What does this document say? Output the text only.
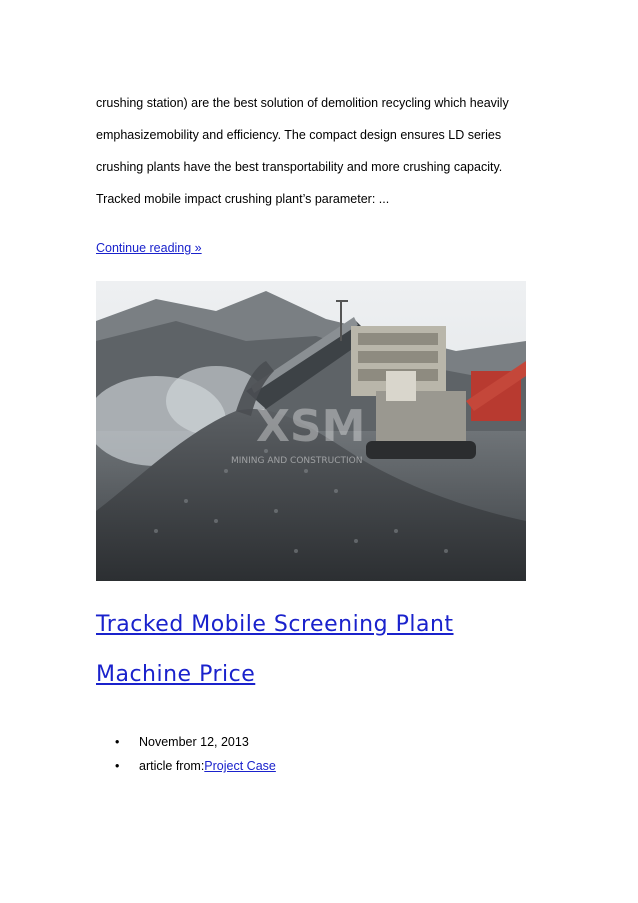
crushing station) are the best solution of demolition recycling which heavily
emphasizemobility and efficiency. The compact design ensures LD series
crushing plants have the best transportability and more crushing capacity.
Tracked mobile impact crushing plant’s parameter: ...
Continue reading »
XSM
MINING AND CONSTRUCTION
Tracked Mobile Screening Plant
Machine Price
• November 12, 2013
• article from:Project Case
